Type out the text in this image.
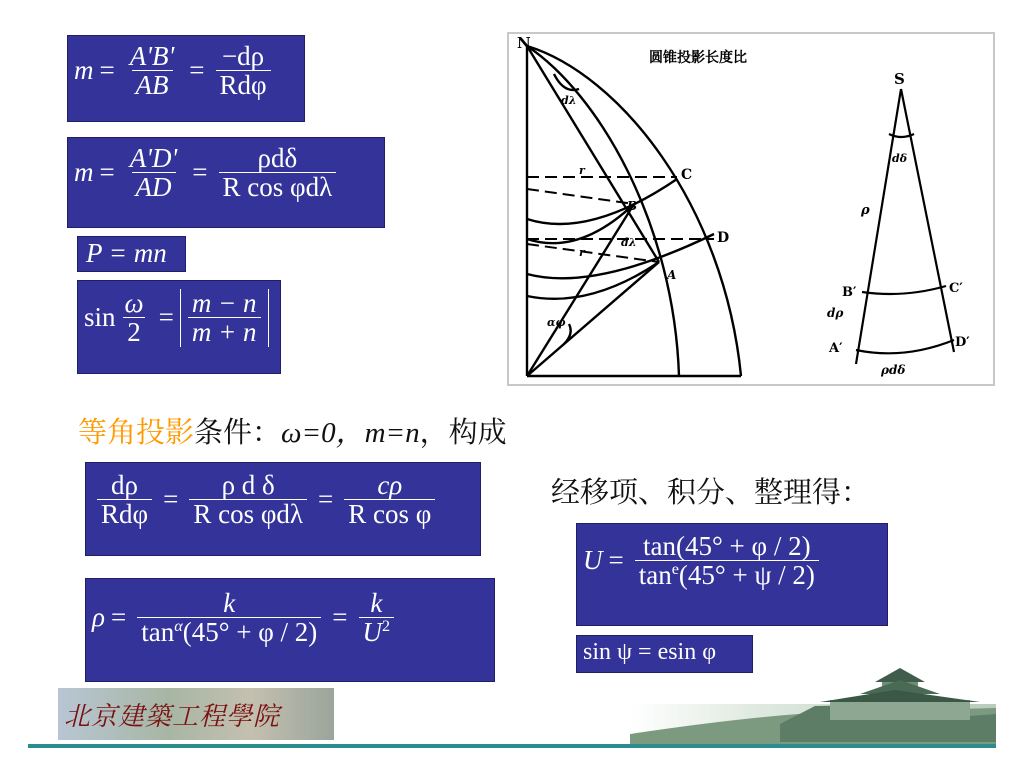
$m = \frac{A'B'}{AB} = \frac{-d\rho}{\text{Rdφ}}$
$m = \frac{A'D'}{AD} = \frac{\text{ρdδ}}{\text{R cos φdλ}}$
P = mn
$\sin \frac{\omega}{2} = \frac{m - n}{m + n}$
N
圆锥投影长度比
S
C
D
B
A
r
r
dλ
dλ
αφ
dδ
ρ
B′	C′
dρ
A′	D′
ρdδ
等角投影条件：ω=0，m=n，构成
$\frac{d\rho}{\text{Rdφ}} = \frac{\text{ρ d δ}}{\text{R cos φdλ}} = \frac{c\rho}{\text{R cos φ}}$	经移项、积分、整理得：
$\rho = \frac{k}{\tan^\alpha(45^\circ + \varphi / 2)} = \frac{k}{U^2}$
$U = \frac{\tan(45^\circ + \varphi / 2)}{\tan^e(45^\circ + \psi / 2)}$
sin ψ = esin φ
北京建築工程學院
